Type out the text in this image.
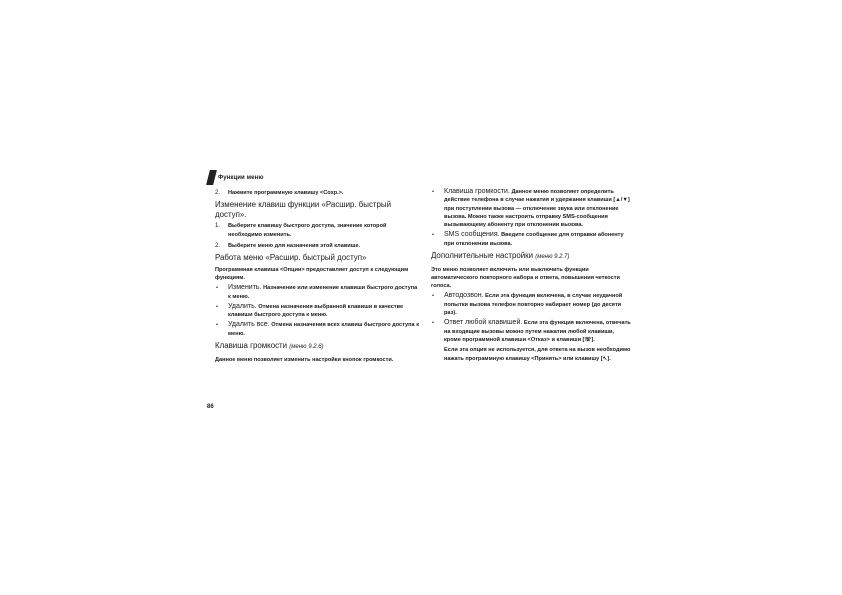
Функции меню
2. Нажмите программную клавишу <Сохр.>.
Изменение клавиш функции «Расшир. быстрый доступ».
1. Выберите клавишу быстрого доступа, значение которой необходимо изменить.
2. Выберите меню для назначения этой клавише.
Работа меню «Расшир. быстрый доступ»
Программная клавиша <Опции> предоставляет доступ к следующим функциям.
• Изменить. Назначение или изменение клавиши быстрого доступа к меню.
• Удалить. Отмена назначения выбранной клавиши в качестве клавиши быстрого доступа к меню.
• Удалить все. Отмена назначения всех клавиш быстрого доступа к меню.
Клавиша громкости (меню 9.2.6)
Данное меню позволяет изменить настройки кнопок громкости.
• Клавиша громкости. Данное меню позволяет определить действие телефона в случае нажатия и удержания клавиши [▲/▼] при поступлении вызова — отключение звука или отклонение вызова. Можно также настроить отправку SMS-сообщения вызывающему абоненту при отклонении вызова.
• SMS сообщения. Введите сообщение для отправки абоненту при отклонении вызова.
Дополнительные настройки (меню 9.2.7)
Это меню позволяет включить или выключить функции автоматического повторного набора и ответа, повышения четкости голоса.
• Автодозвон. Если эта функция включена, в случае неудачной попытки вызова телефон повторно набирает номер (до десяти раз).
• Ответ любой клавишей. Если эта функция включена, отвечать на входящие вызовы можно путем нажатия любой клавиши, кроме программной клавиши <Отказ> и клавиши [☏].
Если эта опция не используется, для ответа на вызов необходимо нажать программную клавишу <Принять> или клавишу [↖].
86
